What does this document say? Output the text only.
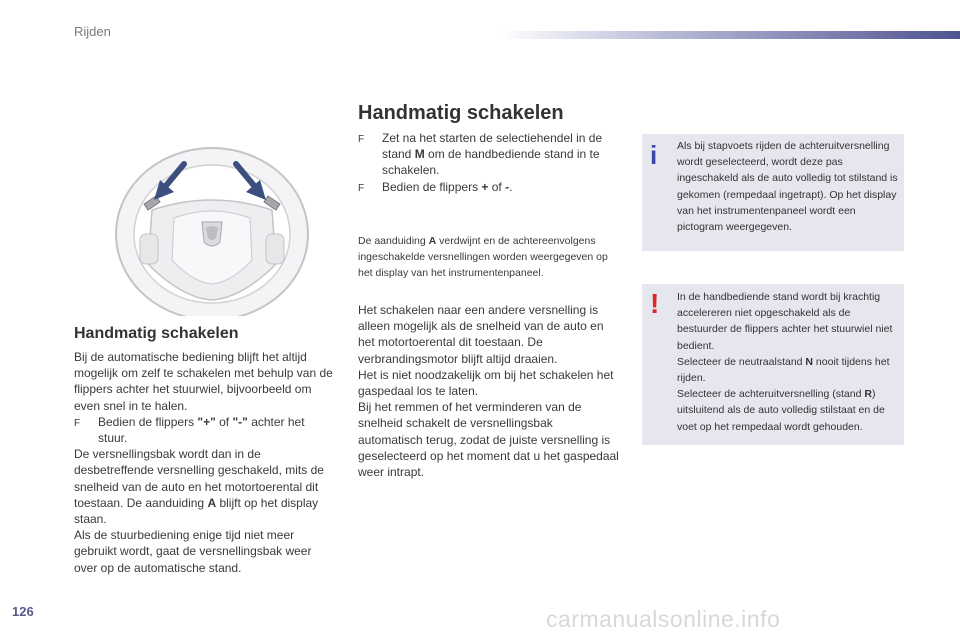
Rijden
Handmatig schakelen

Bij de automatische bediening blijft het altijd mogelijk om zelf te schakelen met behulp van de flippers achter het stuurwiel, bijvoorbeeld om even snel in te halen.

F	Bedien de flippers "+" of "-" achter het stuur.

De versnellingsbak wordt dan in de desbetreffende versnelling geschakeld, mits de snelheid van de auto en het motortoerental dit toestaan. De aanduiding A blijft op het display staan.

Als de stuurbediening enige tijd niet meer gebruikt wordt, gaat de versnellingsbak weer over op de automatische stand.

Handmatig schakelen
F	Zet na het starten de selectiehendel in de stand M om de handbediende stand in te schakelen.
F	Bedien de flippers + of -.
De aanduiding A verdwijnt en de achtereenvolgens ingeschakelde versnellingen worden weergegeven op het display van het instrumentenpaneel.

Het schakelen naar een andere versnelling is alleen mogelijk als de snelheid van de auto en het motortoerental dit toestaan. De verbrandingsmotor blijft altijd draaien.

Het is niet noodzakelijk om bij het schakelen het gaspedaal los te laten.

Bij het remmen of het verminderen van de snelheid schakelt de versnellingsbak automatisch terug, zodat de juiste versnelling is geselecteerd op het moment dat u het gaspedaal weer intrapt.

i Als bij stapvoets rijden de achteruitversnelling wordt geselecteerd, wordt deze pas ingeschakeld als de auto volledig tot stilstand is gekomen (rempedaal ingetrapt). Op het display van het instrumentenpaneel wordt een pictogram weergegeven.
! In de handbediende stand wordt bij krachtig accelereren niet opgeschakeld als de bestuurder de flippers achter het stuurwiel niet bedient.

Selecteer de neutraalstand N nooit tijdens het rijden.

Selecteer de achteruitversnelling (stand R) uitsluitend als de auto volledig stilstaat en de voet op het rempedaal wordt gehouden.

126	carmanualsonline.info
